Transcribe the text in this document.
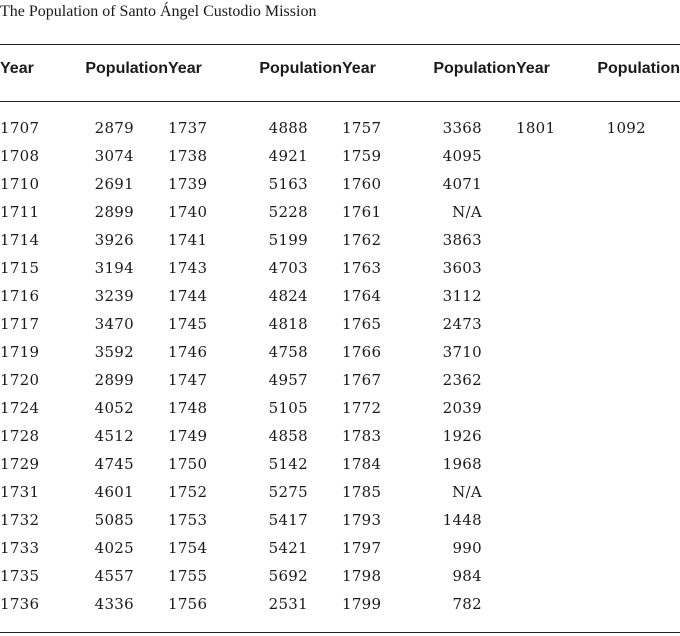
The Population of Santo Ángel Custodio Mission
Year	Population	Year	Population	Year	Population	Year	Population

1707	2879	1737	4888	1757	3368	1801	1092
1708	3074	1738	4921	1759	4095		
1710	2691	1739	5163	1760	4071		
1711	2899	1740	5228	1761	N/A		
1714	3926	1741	5199	1762	3863		
1715	3194	1743	4703	1763	3603		
1716	3239	1744	4824	1764	3112		
1717	3470	1745	4818	1765	2473		
1719	3592	1746	4758	1766	3710		
1720	2899	1747	4957	1767	2362		
1724	4052	1748	5105	1772	2039		
1728	4512	1749	4858	1783	1926		
1729	4745	1750	5142	1784	1968		
1731	4601	1752	5275	1785	N/A		
1732	5085	1753	5417	1793	1448		
1733	4025	1754	5421	1797	990		
1735	4557	1755	5692	1798	984		
1736	4336	1756	2531	1799	782		
